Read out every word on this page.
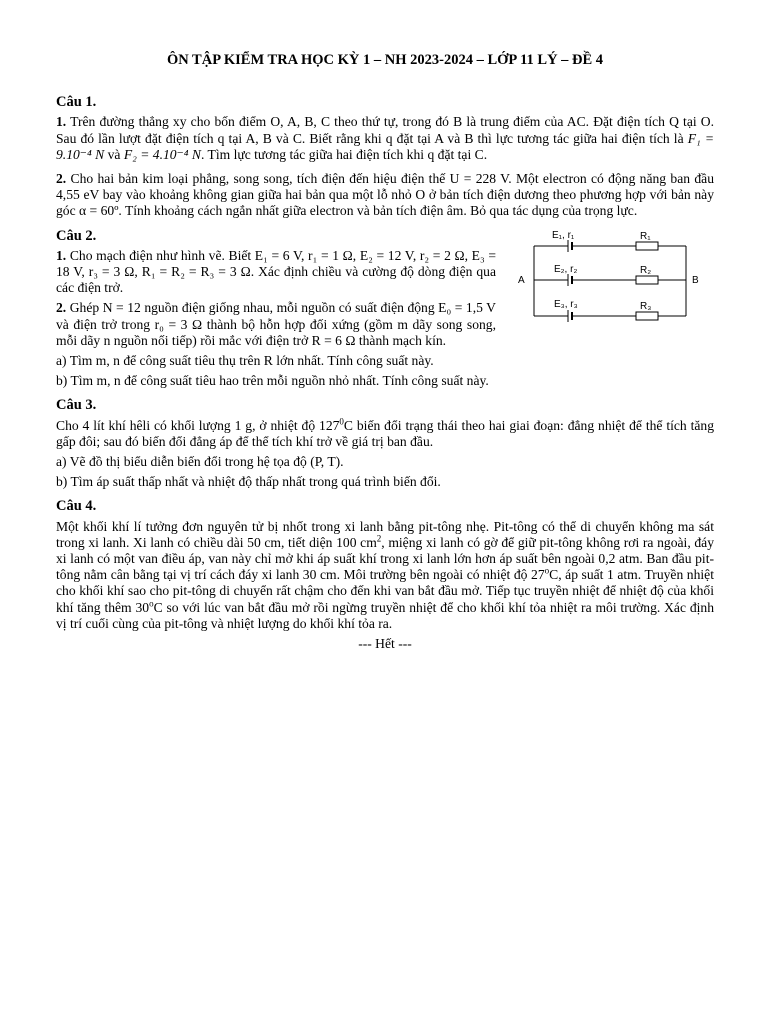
ÔN TẬP KIỂM TRA HỌC KỲ 1 – NH 2023-2024 – LỚP 11 LÝ – ĐỀ 4
Câu 1.

1. Trên đường thẳng xy cho bốn điểm O, A, B, C theo thứ tự, trong đó B là trung điểm của AC. Đặt điện tích Q tại O. Sau đó lần lượt đặt điện tích q tại A, B và C. Biết rằng khi q đặt tại A và B thì lực tương tác giữa hai điện tích là F₁ = 9.10⁻⁴ N và F₂ = 4.10⁻⁴ N. Tìm lực tương tác giữa hai điện tích khi q đặt tại C.

2. Cho hai bản kim loại phẳng, song song, tích điện đến hiệu điện thế U = 228 V. Một electron có động năng ban đầu 4,55 eV bay vào khoảng không gian giữa hai bản qua một lỗ nhỏ O ở bản tích điện dương theo phương hợp với bản này góc α = 60º. Tính khoảng cách ngắn nhất giữa electron và bản tích điện âm. Bỏ qua tác dụng của trọng lực.

Câu 2.

1. Cho mạch điện như hình vẽ. Biết E₁ = 6 V, r₁ = 1 Ω, E₂ = 12 V, r₂ = 2 Ω, E₃ = 18 V, r₃ = 3 Ω, R₁ = R₂ = R₃ = 3 Ω. Xác định chiều và cường độ dòng điện qua các điện trở.

2. Ghép N = 12 nguồn điện giống nhau, mỗi nguồn có suất điện động E₀ = 1,5 V và điện trở trong r₀ = 3 Ω thành bộ hỗn hợp đối xứng (gồm m dãy song song, mỗi dãy n nguồn nối tiếp) rồi mắc với điện trở R = 6 Ω thành mạch kín.

A	B
E₁, r₁
E₂, r₂
E₃, r₃
R₁
R₂
R₃

a) Tìm m, n để công suất tiêu thụ trên R lớn nhất. Tính công suất này.

b) Tìm m, n để công suất tiêu hao trên mỗi nguồn nhỏ nhất. Tính công suất này.

Câu 3.

Cho 4 lít khí hêli có khối lượng 1 g, ở nhiệt độ $127^0C$ biến đổi trạng thái theo hai giai đoạn: đẳng nhiệt để thể tích tăng gấp đôi; sau đó biến đổi đẳng áp để thể tích khí trở về giá trị ban đầu.

a) Vẽ đồ thị biểu diễn biến đổi trong hệ tọa độ (P, T).

b) Tìm áp suất thấp nhất và nhiệt độ thấp nhất trong quá trình biến đổi.

Câu 4.

Một khối khí lí tưởng đơn nguyên tử bị nhốt trong xi lanh bằng pit-tông nhẹ. Pit-tông có thể di chuyển không ma sát trong xi lanh. Xi lanh có chiều dài 50 cm, tiết diện 100 $cm^2$, miệng xi lanh có gờ để giữ pit-tông không rơi ra ngoài, đáy xi lanh có một van điều áp, van này chỉ mở khi áp suất khí trong xi lanh lớn hơn áp suất bên ngoài 0,2 atm. Ban đầu pit-tông nằm cân bằng tại vị trí cách đáy xi lanh 30 cm. Môi trường bên ngoài có nhiệt độ 27$^o$C, áp suất 1 atm. Truyền nhiệt cho khối khí sao cho pit-tông di chuyển rất chậm cho đến khi van bắt đầu mở. Tiếp tục truyền nhiệt để nhiệt độ của khối khí tăng thêm 30$^o$C so với lúc van bắt đầu mở rồi ngừng truyền nhiệt để cho khối khí tỏa nhiệt ra môi trường. Xác định vị trí cuối cùng của pit-tông và nhiệt lượng do khối khí tỏa ra.

--- Hết ---
